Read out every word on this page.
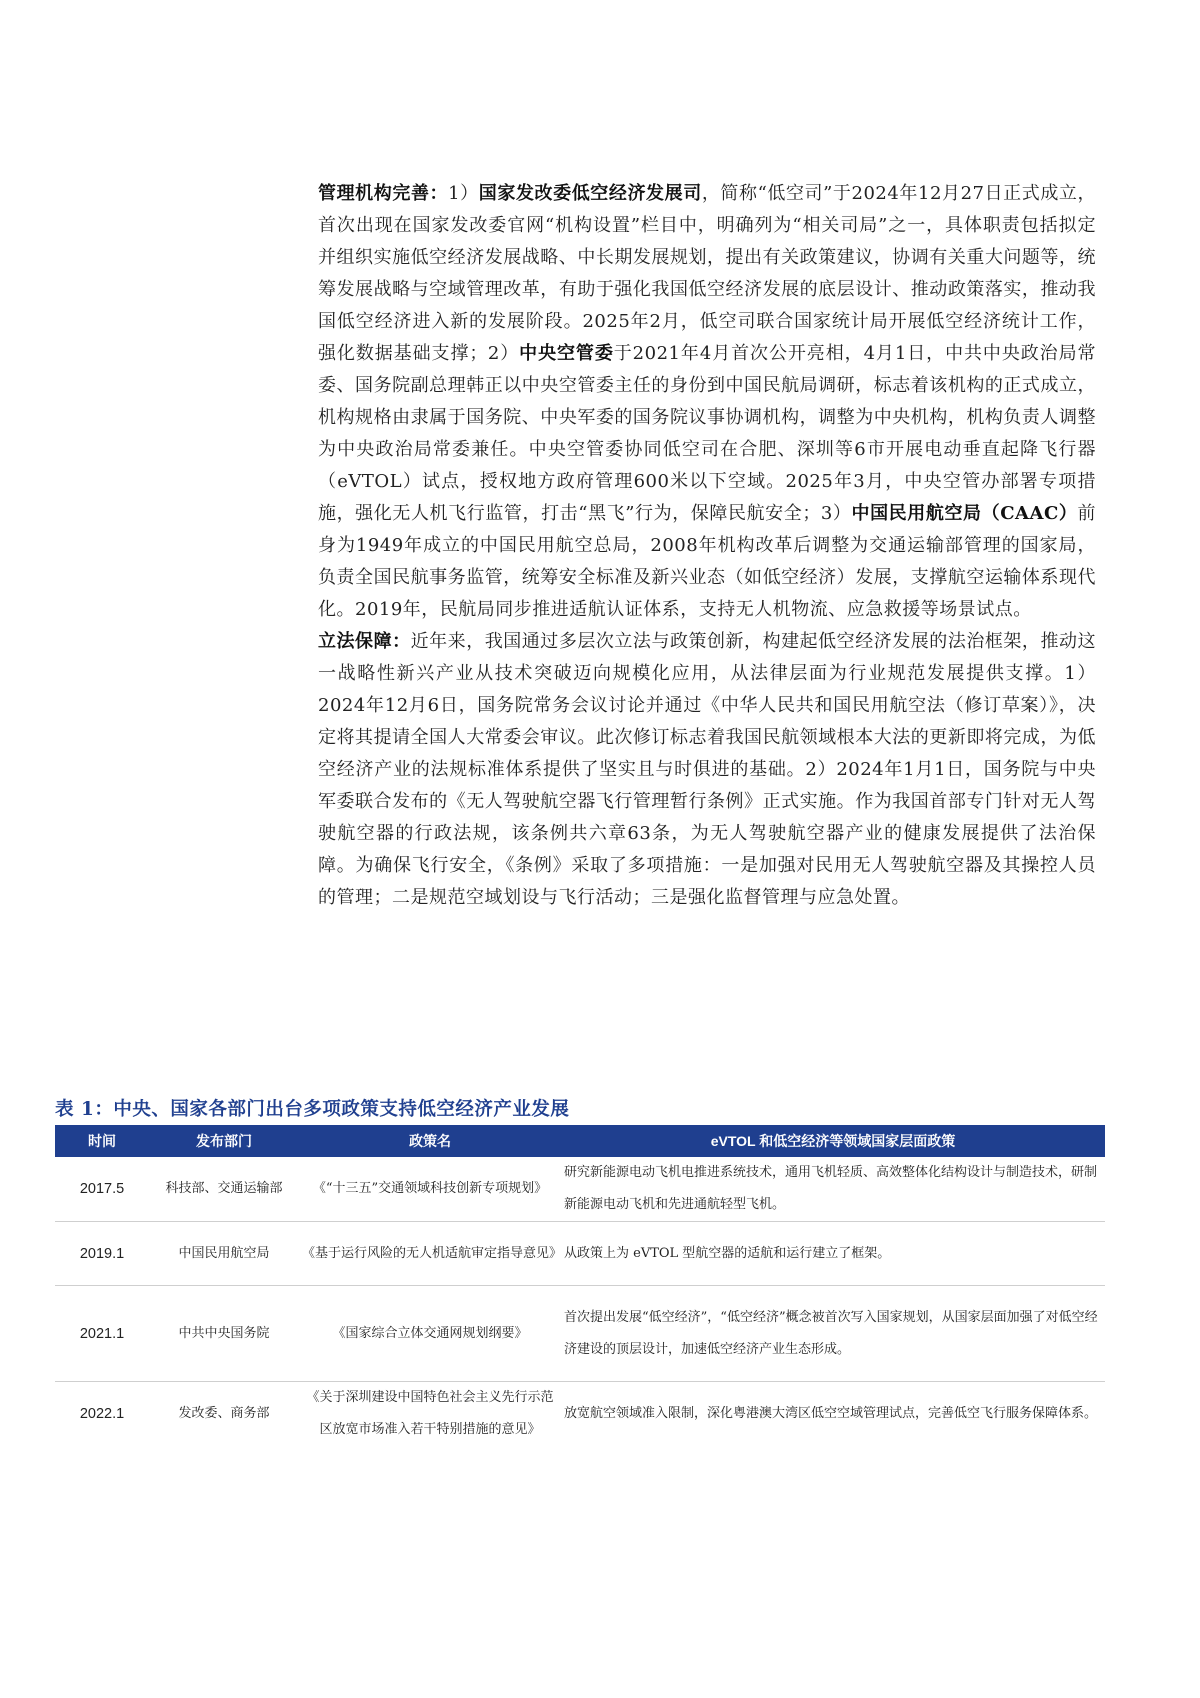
管理机构完善：1）国家发改委低空经济发展司，简称“低空司”于2024年12月27日正式成立，首次出现在国家发改委官网“机构设置”栏目中，明确列为“相关司局”之一，具体职责包括拟定并组织实施低空经济发展战略、中长期发展规划，提出有关政策建议，协调有关重大问题等，统筹发展战略与空域管理改革，有助于强化我国低空经济发展的底层设计、推动政策落实，推动我国低空经济进入新的发展阶段。2025年2月，低空司联合国家统计局开展低空经济统计工作，强化数据基础支撑；2）中央空管委于2021年4月首次公开亮相，4月1日，中共中央政治局常委、国务院副总理韩正以中央空管委主任的身份到中国民航局调研，标志着该机构的正式成立，机构规格由隶属于国务院、中央军委的国务院议事协调机构，调整为中央机构，机构负责人调整为中央政治局常委兼任。中央空管委协同低空司在合肥、深圳等6市开展电动垂直起降飞行器（eVTOL）试点，授权地方政府管理600米以下空域。2025年3月，中央空管办部署专项措施，强化无人机飞行监管，打击“黑飞”行为，保障民航安全；3）中国民用航空局（CAAC）前身为1949年成立的中国民用航空总局，2008年机构改革后调整为交通运输部管理的国家局，负责全国民航事务监管，统筹安全标准及新兴业态（如低空经济）发展，支撑航空运输体系现代化。2019年，民航局同步推进适航认证体系，支持无人机物流、应急救援等场景试点。

立法保障：近年来，我国通过多层次立法与政策创新，构建起低空经济发展的法治框架，推动这一战略性新兴产业从技术突破迈向规模化应用，从法律层面为行业规范发展提供支撑。1）2024年12月6日，国务院常务会议讨论并通过《中华人民共和国民用航空法（修订草案）》，决定将其提请全国人大常委会审议。此次修订标志着我国民航领域根本大法的更新即将完成，为低空经济产业的法规标准体系提供了坚实且与时俱进的基础。2）2024年1月1日，国务院与中央军委联合发布的《无人驾驶航空器飞行管理暂行条例》正式实施。作为我国首部专门针对无人驾驶航空器的行政法规，该条例共六章63条，为无人驾驶航空器产业的健康发展提供了法治保障。为确保飞行安全，《条例》采取了多项措施：一是加强对民用无人驾驶航空器及其操控人员的管理；二是规范空域划设与飞行活动；三是强化监督管理与应急处置。

表 1：中央、国家各部门出台多项政策支持低空经济产业发展
时间	发布部门	政策名	eVTOL 和低空经济等领域国家层面政策
2017.5	科技部、交通运输部	《“十三五”交通领域科技创新专项规划》	研究新能源电动飞机电推进系统技术，通用飞机轻质、高效整体化结构设计与制造技术，研制新能源电动飞机和先进通航轻型飞机。
2019.1	中国民用航空局	《基于运行风险的无人机适航审定指导意见》	从政策上为 eVTOL 型航空器的适航和运行建立了框架。
2021.1	中共中央国务院	《国家综合立体交通网规划纲要》	首次提出发展“低空经济”，“低空经济”概念被首次写入国家规划，从国家层面加强了对低空经济建设的顶层设计，加速低空经济产业生态形成。
2022.1	发改委、商务部	《关于深圳建设中国特色社会主义先行示范区放宽市场准入若干特别措施的意见》	放宽航空领域准入限制，深化粤港澳大湾区低空空域管理试点，完善低空飞行服务保障体系。
